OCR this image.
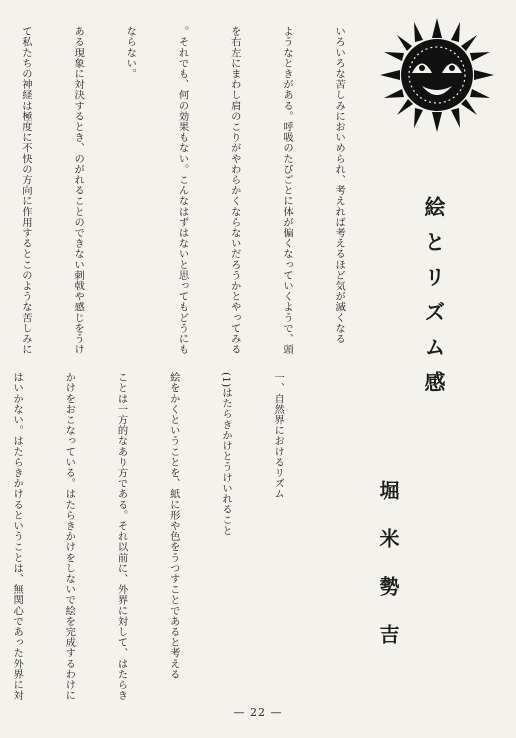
絵とリズム感
堀米勢吉

いろいろな苦しみにおいめられ、考えれば考えるほど気が滅くなる

ようなときがある。呼吸のたびごとに体が偏くなっていくようで、頭

を右左にまわし肩のこりがやわらかくならないだろうかとやってみる

。それでも、何の効果もない。こんなはずはないと思ってもどうにも

ならない。

ある現象に対決するとき、のがれることのできない刺戟や感じをうけ

て私たちの神経は極度に不快の方向に作用するとこのような苦しみに

一、自然界におけるリズム

(1)はたらきかけとうけいれること

絵をかくということを、紙に形や色をうつすことであると考える

ことは一方的なあり方である。それ以前に、外界に対して、はたらき

かけをおこなっている。はたらきかけをしないで絵を完成するわけに

はいかない。はたらきかけるということは、無関心であった外界に対

— 22 —
